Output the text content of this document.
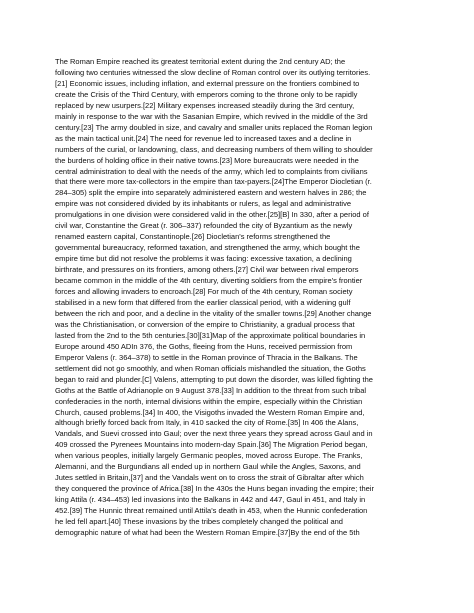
The Roman Empire reached its greatest territorial extent during the 2nd century AD; the
following two centuries witnessed the slow decline of Roman control over its outlying territories.
[21] Economic issues, including inflation, and external pressure on the frontiers combined to
create the Crisis of the Third Century, with emperors coming to the throne only to be rapidly
replaced by new usurpers.[22] Military expenses increased steadily during the 3rd century,
mainly in response to the war with the Sasanian Empire, which revived in the middle of the 3rd
century.[23] The army doubled in size, and cavalry and smaller units replaced the Roman legion
as the main tactical unit.[24] The need for revenue led to increased taxes and a decline in
numbers of the curial, or landowning, class, and decreasing numbers of them willing to shoulder
the burdens of holding office in their native towns.[23] More bureaucrats were needed in the
central administration to deal with the needs of the army, which led to complaints from civilians
that there were more tax-collectors in the empire than tax-payers.[24]The Emperor Diocletian (r.
284–305) split the empire into separately administered eastern and western halves in 286; the
empire was not considered divided by its inhabitants or rulers, as legal and administrative
promulgations in one division were considered valid in the other.[25][B] In 330, after a period of
civil war, Constantine the Great (r. 306–337) refounded the city of Byzantium as the newly
renamed eastern capital, Constantinople.[26] Diocletian's reforms strengthened the
governmental bureaucracy, reformed taxation, and strengthened the army, which bought the
empire time but did not resolve the problems it was facing: excessive taxation, a declining
birthrate, and pressures on its frontiers, among others.[27] Civil war between rival emperors
became common in the middle of the 4th century, diverting soldiers from the empire's frontier
forces and allowing invaders to encroach.[28] For much of the 4th century, Roman society
stabilised in a new form that differed from the earlier classical period, with a widening gulf
between the rich and poor, and a decline in the vitality of the smaller towns.[29] Another change
was the Christianisation, or conversion of the empire to Christianity, a gradual process that
lasted from the 2nd to the 5th centuries.[30][31]Map of the approximate political boundaries in
Europe around 450 ADIn 376, the Goths, fleeing from the Huns, received permission from
Emperor Valens (r. 364–378) to settle in the Roman province of Thracia in the Balkans. The
settlement did not go smoothly, and when Roman officials mishandled the situation, the Goths
began to raid and plunder.[C] Valens, attempting to put down the disorder, was killed fighting the
Goths at the Battle of Adrianople on 9 August 378.[33] In addition to the threat from such tribal
confederacies in the north, internal divisions within the empire, especially within the Christian
Church, caused problems.[34] In 400, the Visigoths invaded the Western Roman Empire and,
although briefly forced back from Italy, in 410 sacked the city of Rome.[35] In 406 the Alans,
Vandals, and Suevi crossed into Gaul; over the next three years they spread across Gaul and in
409 crossed the Pyrenees Mountains into modern-day Spain.[36] The Migration Period began,
when various peoples, initially largely Germanic peoples, moved across Europe. The Franks,
Alemanni, and the Burgundians all ended up in northern Gaul while the Angles, Saxons, and
Jutes settled in Britain,[37] and the Vandals went on to cross the strait of Gibraltar after which
they conquered the province of Africa.[38] In the 430s the Huns began invading the empire; their
king Attila (r. 434–453) led invasions into the Balkans in 442 and 447, Gaul in 451, and Italy in
452.[39] The Hunnic threat remained until Attila's death in 453, when the Hunnic confederation
he led fell apart.[40] These invasions by the tribes completely changed the political and
demographic nature of what had been the Western Roman Empire.[37]By the end of the 5th
